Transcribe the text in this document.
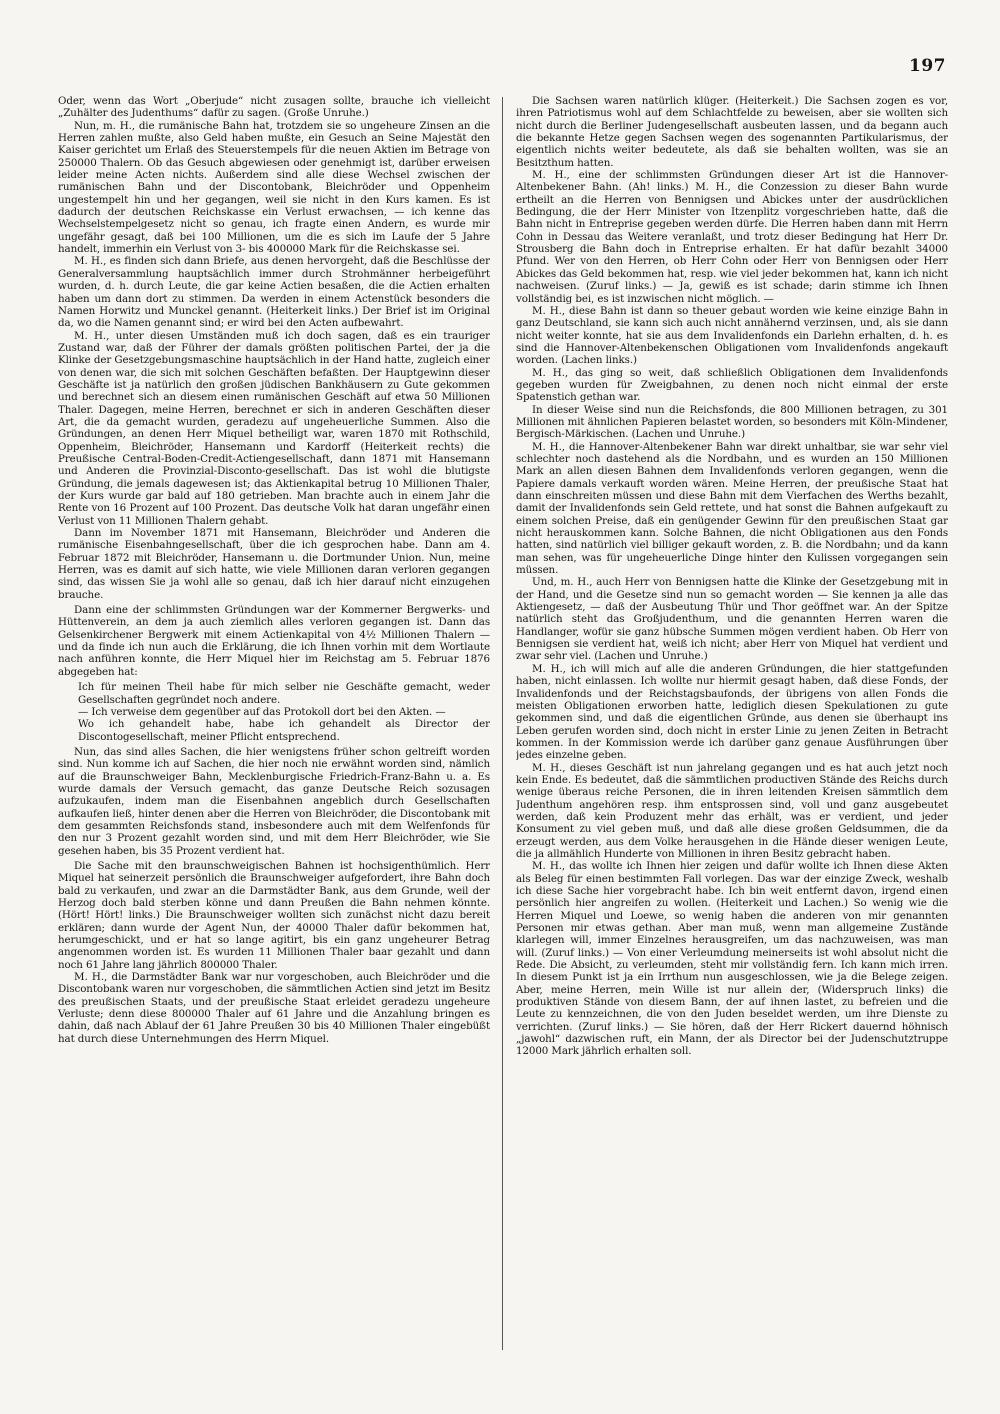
197

Oder, wenn das Wort „Oberjude“ nicht zusagen sollte, brauche ich vielleicht „Zuhälter des Judenthums“ dafür zu sagen. (Große Unruhe.)

Nun, m. H., die rumänische Bahn hat, trotzdem sie so ungeheure Zinsen an die Herren zahlen mußte, also Geld haben mußte, ein Gesuch an Seine Majestät den Kaiser gerichtet um Erlaß des Steuerstempels für die neuen Aktien im Betrage von 250000 Thalern. Ob das Gesuch abgewiesen oder genehmigt ist, darüber erweisen leider meine Acten nichts. Außerdem sind alle diese Wechsel zwischen der rumänischen Bahn und der Discontobank, Bleichröder und Oppenheim ungestempelt hin und her gegangen, weil sie nicht in den Kurs kamen. Es ist dadurch der deutschen Reichskasse ein Verlust erwachsen, — ich kenne das Wechselstempelgesetz nicht so genau, ich fragte einen Andern, es wurde mir ungefähr gesagt, daß bei 100 Millionen, um die es sich im Laufe der 5 Jahre handelt, immerhin ein Verlust von 3- bis 400000 Mark für die Reichskasse sei.

M. H., es finden sich dann Briefe, aus denen hervorgeht, daß die Beschlüsse der Generalversammlung hauptsächlich immer durch Strohmänner herbeigeführt wurden, d. h. durch Leute, die gar keine Actien besaßen, die die Actien erhalten haben um dann dort zu stimmen. Da werden in einem Actenstück besonders die Namen Horwitz und Munckel genannt. (Heiterkeit links.) Der Brief ist im Original da, wo die Namen genannt sind; er wird bei den Acten aufbewahrt.

M. H., unter diesen Umständen muß ich doch sagen, daß es ein trauriger Zustand war, daß der Führer der damals größten politischen Partei, der ja die Klinke der Gesetzgebungsmaschine hauptsächlich in der Hand hatte, zugleich einer von denen war, die sich mit solchen Geschäften befaßten. Der Hauptgewinn dieser Geschäfte ist ja natürlich den großen jüdischen Bankhäusern zu Gute gekommen und berechnet sich an diesem einen rumänischen Geschäft auf etwa 50 Millionen Thaler. Dagegen, meine Herren, berechnet er sich in anderen Geschäften dieser Art, die da gemacht wurden, geradezu auf ungeheuerliche Summen. Also die Gründungen, an denen Herr Miquel betheiligt war, waren 1870 mit Rothschild, Oppenheim, Bleichröder, Hansemann und Kardorff (Heiterkeit rechts) die Preußische Central-Boden-Credit-Actiengesellschaft, dann 1871 mit Hansemann und Anderen die Provinzial-Disconto-gesellschaft. Das ist wohl die blutigste Gründung, die jemals dagewesen ist; das Aktienkapital betrug 10 Millionen Thaler, der Kurs wurde gar bald auf 180 getrieben. Man brachte auch in einem Jahr die Rente von 16 Prozent auf 100 Prozent. Das deutsche Volk hat daran ungefähr einen Verlust von 11 Millionen Thalern gehabt.

Dann im November 1871 mit Hansemann, Bleichröder und Anderen die rumänische Eisenbahngesellschaft, über die ich gesprochen habe. Dann am 4. Februar 1872 mit Bleichröder, Hansemann u. die Dortmunder Union. Nun, meine Herren, was es damit auf sich hatte, wie viele Millionen daran verloren gegangen sind, das wissen Sie ja wohl alle so genau, daß ich hier darauf nicht einzugehen brauche.

Dann eine der schlimmsten Gründungen war der Kommerner Bergwerks- und Hüttenverein, an dem ja auch ziemlich alles verloren gegangen ist. Dann das Gelsenkirchener Bergwerk mit einem Actienkapital von 4½ Millionen Thalern — und da finde ich nun auch die Erklärung, die ich Ihnen vorhin mit dem Wortlaute nach anführen konnte, die Herr Miquel hier im Reichstag am 5. Februar 1876 abgegeben hat:

Ich für meinen Theil habe für mich selber nie Geschäfte gemacht, weder Gesellschaften gegründet noch andere.

— Ich verweise dem gegenüber auf das Protokoll dort bei den Akten. —

Wo ich gehandelt habe, habe ich gehandelt als Director der Discontogesellschaft, meiner Pflicht entsprechend.

Nun, das sind alles Sachen, die hier wenigstens früher schon geltreift worden sind. Nun komme ich auf Sachen, die hier noch nie erwähnt worden sind, nämlich auf die Braunschweiger Bahn, Mecklenburgische Friedrich-Franz-Bahn u. a. Es wurde damals der Versuch gemacht, das ganze Deutsche Reich sozusagen aufzukaufen, indem man die Eisenbahnen angeblich durch Gesellschaften aufkaufen ließ, hinter denen aber die Herren von Bleichröder, die Discontobank mit dem gesammten Reichsfonds stand, insbesondere auch mit dem Welfenfonds für den nur 3 Prozent gezahlt worden sind, und mit dem Herr Bleichröder, wie Sie gesehen haben, bis 35 Prozent verdient hat.

Die Sache mit den braunschweigischen Bahnen ist hochsigenthümlich. Herr Miquel hat seinerzeit persönlich die Braunschweiger aufgefordert, ihre Bahn doch bald zu verkaufen, und zwar an die Darmstädter Bank, aus dem Grunde, weil der Herzog doch bald sterben könne und dann Preußen die Bahn nehmen könnte. (Hört! Hört! links.) Die Braunschweiger wollten sich zunächst nicht dazu bereit erklären; dann wurde der Agent Nun, der 40000 Thaler dafür bekommen hat, herumgeschickt, und er hat so lange agitirt, bis ein ganz ungeheurer Betrag angenommen worden ist. Es wurden 11 Millionen Thaler baar gezahlt und dann noch 61 Jahre lang jährlich 800000 Thaler.

M. H., die Darmstädter Bank war nur vorgeschoben, auch Bleichröder und die Discontobank waren nur vorgeschoben, die sämmtlichen Actien sind jetzt im Besitz des preußischen Staats, und der preußische Staat erleidet geradezu ungeheure Verluste; denn diese 800000 Thaler auf 61 Jahre und die Anzahlung bringen es dahin, daß nach Ablauf der 61 Jahre Preußen 30 bis 40 Millionen Thaler eingebüßt hat durch diese Unternehmungen des Herrn Miquel.

Die Sachsen waren natürlich klüger. (Heiterkeit.) Die Sachsen zogen es vor, ihren Patriotismus wohl auf dem Schlachtfelde zu beweisen, aber sie wollten sich nicht durch die Berliner Judengesellschaft ausbeuten lassen, und da begann auch die bekannte Hetze gegen Sachsen wegen des sogenannten Partikularismus, der eigentlich nichts weiter bedeutete, als daß sie behalten wollten, was sie an Besitzthum hatten.

M. H., eine der schlimmsten Gründungen dieser Art ist die Hannover-Altenbekener Bahn. (Ah! links.) M. H., die Conzession zu dieser Bahn wurde ertheilt an die Herren von Bennigsen und Abickes unter der ausdrücklichen Bedingung, die der Herr Minister von Itzenplitz vorgeschrieben hatte, daß die Bahn nicht in Entreprise gegeben werden dürfe. Die Herren haben dann mit Herrn Cohn in Dessau das Weitere veranlaßt, und trotz dieser Bedingung hat Herr Dr. Strousberg die Bahn doch in Entreprise erhalten. Er hat dafür bezahlt 34000 Pfund. Wer von den Herren, ob Herr Cohn oder Herr von Bennigsen oder Herr Abickes das Geld bekommen hat, resp. wie viel jeder bekommen hat, kann ich nicht nachweisen. (Zuruf links.) — Ja, gewiß es ist schade; darin stimme ich Ihnen vollständig bei, es ist inzwischen nicht möglich. —

M. H., diese Bahn ist dann so theuer gebaut worden wie keine einzige Bahn in ganz Deutschland, sie kann sich auch nicht annähernd verzinsen, und, als sie dann nicht weiter konnte, hat sie aus dem Invalidenfonds ein Darlehn erhalten, d. h. es sind die Hannover-Altenbekenschen Obligationen vom Invalidenfonds angekauft worden. (Lachen links.)

M. H., das ging so weit, daß schließlich Obligationen dem Invalidenfonds gegeben wurden für Zweigbahnen, zu denen noch nicht einmal der erste Spatenstich gethan war.

In dieser Weise sind nun die Reichsfonds, die 800 Millionen betragen, zu 301 Millionen mit ähnlichen Papieren belastet worden, so besonders mit Köln-Mindener, Bergisch-Märkischen. (Lachen und Unruhe.)

M. H., die Hannover-Altenbekener Bahn war direkt unhaltbar, sie war sehr viel schlechter noch dastehend als die Nordbahn, und es wurden an 150 Millionen Mark an allen diesen Bahnen dem Invalidenfonds verloren gegangen, wenn die Papiere damals verkauft worden wären. Meine Herren, der preußische Staat hat dann einschreiten müssen und diese Bahn mit dem Vierfachen des Werths bezahlt, damit der Invalidenfonds sein Geld rettete, und hat sonst die Bahnen aufgekauft zu einem solchen Preise, daß ein genügender Gewinn für den preußischen Staat gar nicht herauskommen kann. Solche Bahnen, die nicht Obligationen aus den Fonds hatten, sind natürlich viel billiger gekauft worden, z. B. die Nordbahn; und da kann man sehen, was für ungeheuerliche Dinge hinter den Kulissen vorgegangen sein müssen.

Und, m. H., auch Herr von Bennigsen hatte die Klinke der Gesetzgebung mit in der Hand, und die Gesetze sind nun so gemacht worden — Sie kennen ja alle das Aktiengesetz, — daß der Ausbeutung Thür und Thor geöffnet war. An der Spitze natürlich steht das Großjudenthum, und die genannten Herren waren die Handlanger, wofür sie ganz hübsche Summen mögen verdient haben. Ob Herr von Bennigsen sie verdient hat, weiß ich nicht; aber Herr von Miquel hat verdient und zwar sehr viel. (Lachen und Unruhe.)

M. H., ich will mich auf alle die anderen Gründungen, die hier stattgefunden haben, nicht einlassen. Ich wollte nur hiermit gesagt haben, daß diese Fonds, der Invalidenfonds und der Reichstagsbaufonds, der übrigens von allen Fonds die meisten Obligationen erworben hatte, lediglich diesen Spekulationen zu gute gekommen sind, und daß die eigentlichen Gründe, aus denen sie überhaupt ins Leben gerufen worden sind, doch nicht in erster Linie zu jenen Zeiten in Betracht kommen. In der Kommission werde ich darüber ganz genaue Ausführungen über jedes einzelne geben.

M. H., dieses Geschäft ist nun jahrelang gegangen und es hat auch jetzt noch kein Ende. Es bedeutet, daß die sämmtlichen productiven Stände des Reichs durch wenige überaus reiche Personen, die in ihren leitenden Kreisen sämmtlich dem Judenthum angehören resp. ihm entsprossen sind, voll und ganz ausgebeutet werden, daß kein Produzent mehr das erhält, was er verdient, und jeder Konsument zu viel geben muß, und daß alle diese großen Geldsummen, die da erzeugt werden, aus dem Volke herausgehen in die Hände dieser wenigen Leute, die ja allmählich Hunderte von Millionen in ihren Besitz gebracht haben.

M. H., das wollte ich Ihnen hier zeigen und dafür wollte ich Ihnen diese Akten als Beleg für einen bestimmten Fall vorlegen. Das war der einzige Zweck, weshalb ich diese Sache hier vorgebracht habe. Ich bin weit entfernt davon, irgend einen persönlich hier angreifen zu wollen. (Heiterkeit und Lachen.) So wenig wie die Herren Miquel und Loewe, so wenig haben die anderen von mir genannten Personen mir etwas gethan. Aber man muß, wenn man allgemeine Zustände klarlegen will, immer Einzelnes herausgreifen, um das nachzuweisen, was man will. (Zuruf links.) — Von einer Verleumdung meinerseits ist wohl absolut nicht die Rede. Die Absicht, zu verleumden, steht mir vollständig fern. Ich kann mich irren. In diesem Punkt ist ja ein Irrthum nun ausgeschlossen, wie ja die Belege zeigen. Aber, meine Herren, mein Wille ist nur allein der, (Widerspruch links) die produktiven Stände von diesem Bann, der auf ihnen lastet, zu befreien und die Leute zu kennzeichnen, die von den Juden beseldet werden, um ihre Dienste zu verrichten. (Zuruf links.) — Sie hören, daß der Herr Rickert dauernd höhnisch „jawohl“ dazwischen ruft, ein Mann, der als Director bei der Judenschutztruppe 12000 Mark jährlich erhalten soll.
